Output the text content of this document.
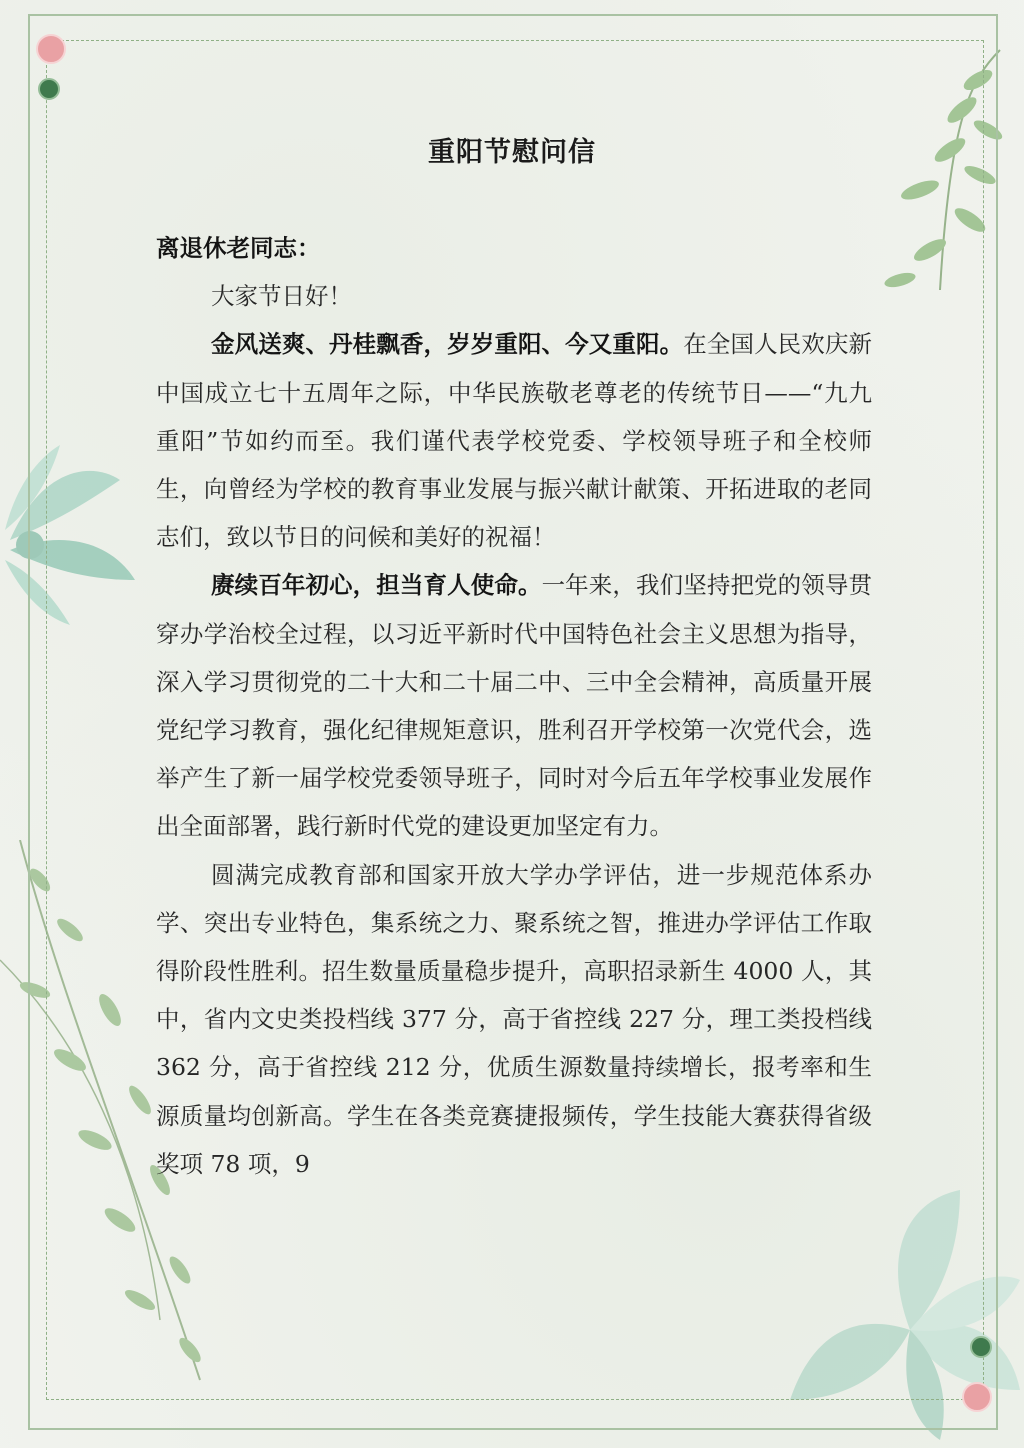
重阳节慰问信

离退休老同志：

大家节日好！

金风送爽、丹桂飘香，岁岁重阳、今又重阳。在全国人民欢庆新中国成立七十五周年之际，中华民族敬老尊老的传统节日——“九九重阳”节如约而至。我们谨代表学校党委、学校领导班子和全校师生，向曾经为学校的教育事业发展与振兴献计献策、开拓进取的老同志们，致以节日的问候和美好的祝福！

赓续百年初心，担当育人使命。一年来，我们坚持把党的领导贯穿办学治校全过程，以习近平新时代中国特色社会主义思想为指导，深入学习贯彻党的二十大和二十届二中、三中全会精神，高质量开展党纪学习教育，强化纪律规矩意识，胜利召开学校第一次党代会，选举产生了新一届学校党委领导班子，同时对今后五年学校事业发展作出全面部署，践行新时代党的建设更加坚定有力。

圆满完成教育部和国家开放大学办学评估，进一步规范体系办学、突出专业特色，集系统之力、聚系统之智，推进办学评估工作取得阶段性胜利。招生数量质量稳步提升，高职招录新生 4000 人，其中，省内文史类投档线 377 分，高于省控线 227 分，理工类投档线 362 分，高于省控线 212 分，优质生源数量持续增长，报考率和生源质量均创新高。学生在各类竞赛捷报频传，学生技能大赛获得省级奖项 78 项，9
